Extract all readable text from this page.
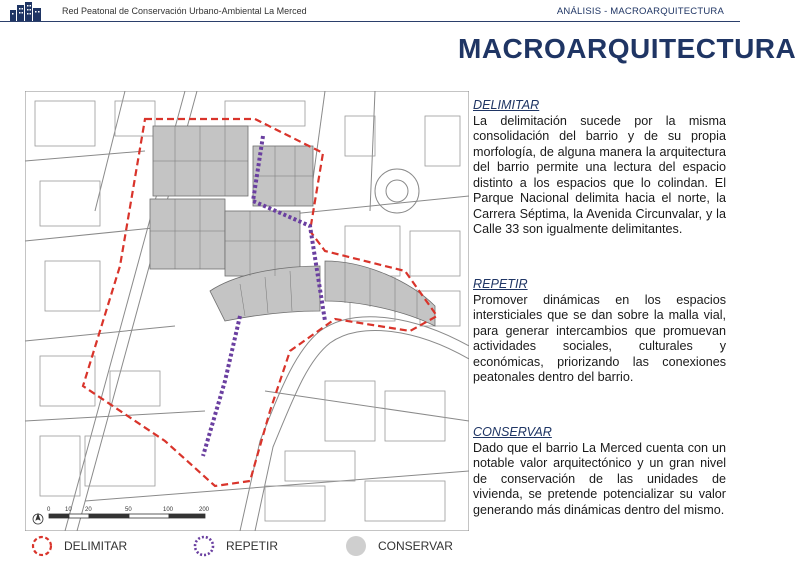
Red Peatonal de Conservación Urbano-Ambiental La Merced	ANÁLISIS - MACROARQUITECTURA
MACROARQUITECTURA
0 10 20	50	100	200
DELIMITAR

La delimitación sucede por la misma consolidación del barrio y de su propia morfología, de alguna manera la arquitectura del barrio permite una lectura del espacio distinto a los espacios que lo colindan. El Parque Nacional delimita hacia el norte, la Carrera Séptima, la Avenida Circunvalar, y la Calle 33 son igualmente delimitantes.

REPETIR

Promover dinámicas en los espacios intersticiales que se dan sobre la malla vial, para generar intercambios que promuevan actividades sociales, culturales y económicas, priorizando las conexiones peatonales dentro del barrio.

CONSERVAR

Dado que el barrio La Merced cuenta con un notable valor arquitectónico y un gran nivel de conservación de las unidades de vivienda, se pretende potencializar su valor generando más dinámicas dentro del mismo.

DELIMITAR	REPETIR	CONSERVAR
